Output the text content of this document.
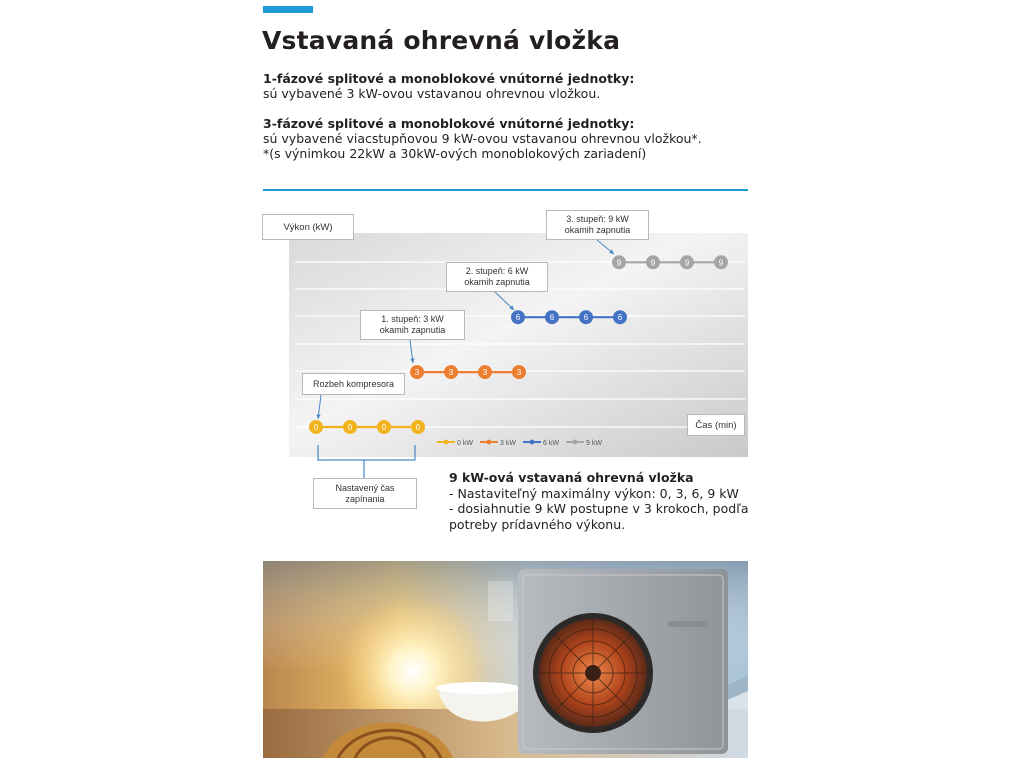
Vstavaná ohrevná vložka
1-fázové splitové a monoblokové vnútorné jednotky:
sú vybavené 3 kW-ovou vstavanou ohrevnou vložkou.
3-fázové splitové a monoblokové vnútorné jednotky:
sú vybavené viacstupňovou 9 kW-ovou vstavanou ohrevnou vložkou*.
*(s výnimkou 22kW a 30kW-ových monoblokových zariadení)
0	0	0	0
3	3	3	3
6	6	6	6
9	9	9	9
0 kW	3 kW	6 kW	9 kW
Výkon (kW)
Čas (min)
Rozbeh kompresora
1. stupeň: 3 kW
okamih zapnutia
2. stupeň: 6 kW
okamih zapnutia
3. stupeň: 9 kW
okamih zapnutia
Nastavený čas
zapínania
9 kW-ová vstavaná ohrevná vložka
- Nastaviteľný maximálny výkon: 0, 3, 6, 9 kW
- dosiahnutie 9 kW postupne v 3 krokoch, podľa
potreby prídavného výkonu.
